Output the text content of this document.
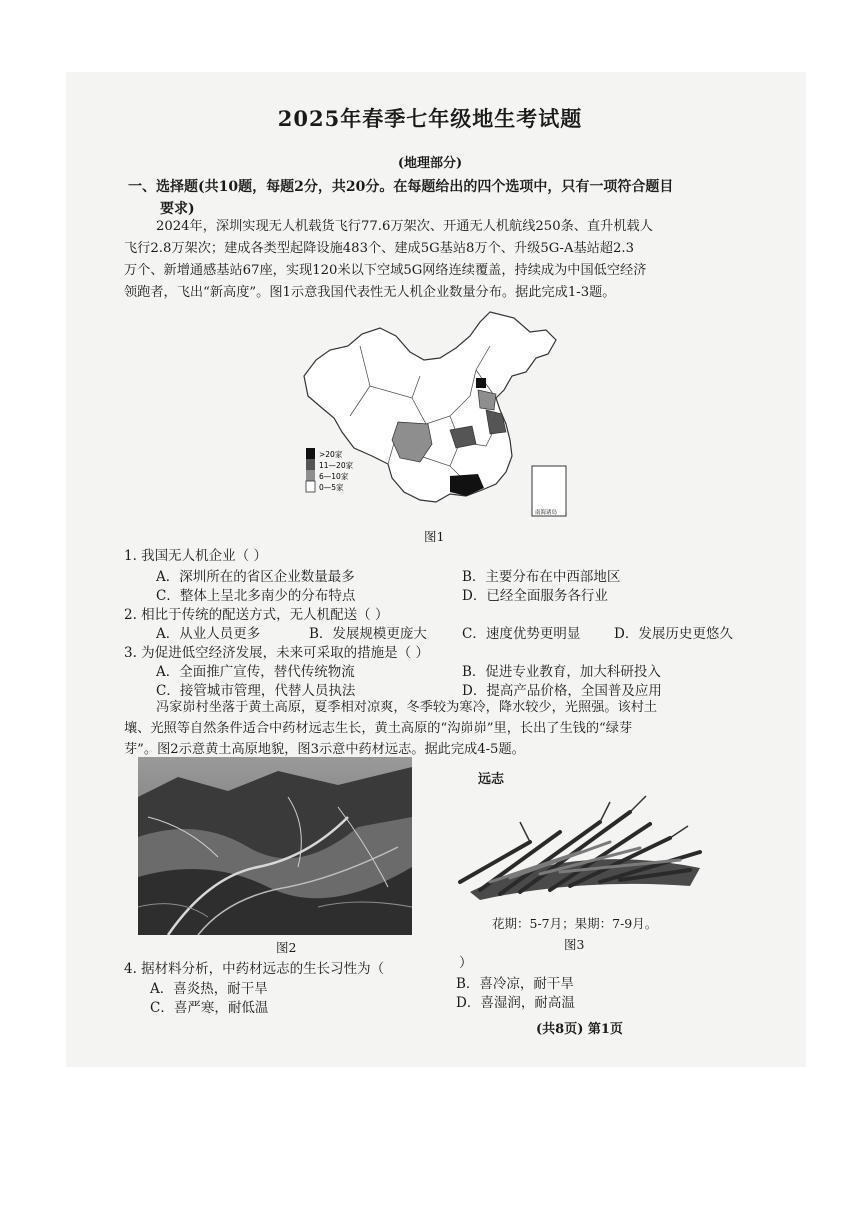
2025年春季七年级地生考试题
(地理部分)
一、选择题(共10题，每题2分，共20分。在每题给出的四个选项中，只有一项符合题目
要求)
2024年，深圳实现无人机载货飞行77.6万架次、开通无人机航线250条、直升机载人
飞行2.8万架次；建成各类型起降设施483个、建成5G基站8万个、升级5G-A基站超2.3
万个、新增通感基站67座，实现120米以下空域5G网络连续覆盖，持续成为中国低空经济
领跑者，飞出“新高度”。图1示意我国代表性无人机企业数量分布。据此完成1-3题。
南海诸岛
>20家
11—20家
6—10家
0—5家
图1
1. 我国无人机企业（ ）
A．深圳所在的省区企业数量最多	B．主要分布在中西部地区
C．整体上呈北多南少的分布特点	D．已经全面服务各行业
2. 相比于传统的配送方式，无人机配送（ ）
A．从业人员更多	B．发展规模更庞大	C．速度优势更明显 D．发展历史更悠久
3. 为促进低空经济发展，未来可采取的措施是（ ）
A．全面推广宣传，替代传统物流	B．促进专业教育，加大科研投入
C．接管城市管理，代替人员执法	D．提高产品价格，全国普及应用
冯家峁村坐落于黄土高原，夏季相对凉爽，冬季较为寒冷，降水较少，光照强。该村土
壤、光照等自然条件适合中药材远志生长，黄土高原的“沟峁峁”里，长出了生钱的“绿芽
芽”。图2示意黄土高原地貌，图3示意中药材远志。据此完成4-5题。
图2
远志
花期：5-7月；果期：7-9月。
图3
4. 据材料分析，中药材远志的生长习性为（	）
A．喜炎热，耐干旱	B．喜冷凉，耐干旱
C．喜严寒，耐低温	D．喜湿润，耐高温
(共8页) 第1页
